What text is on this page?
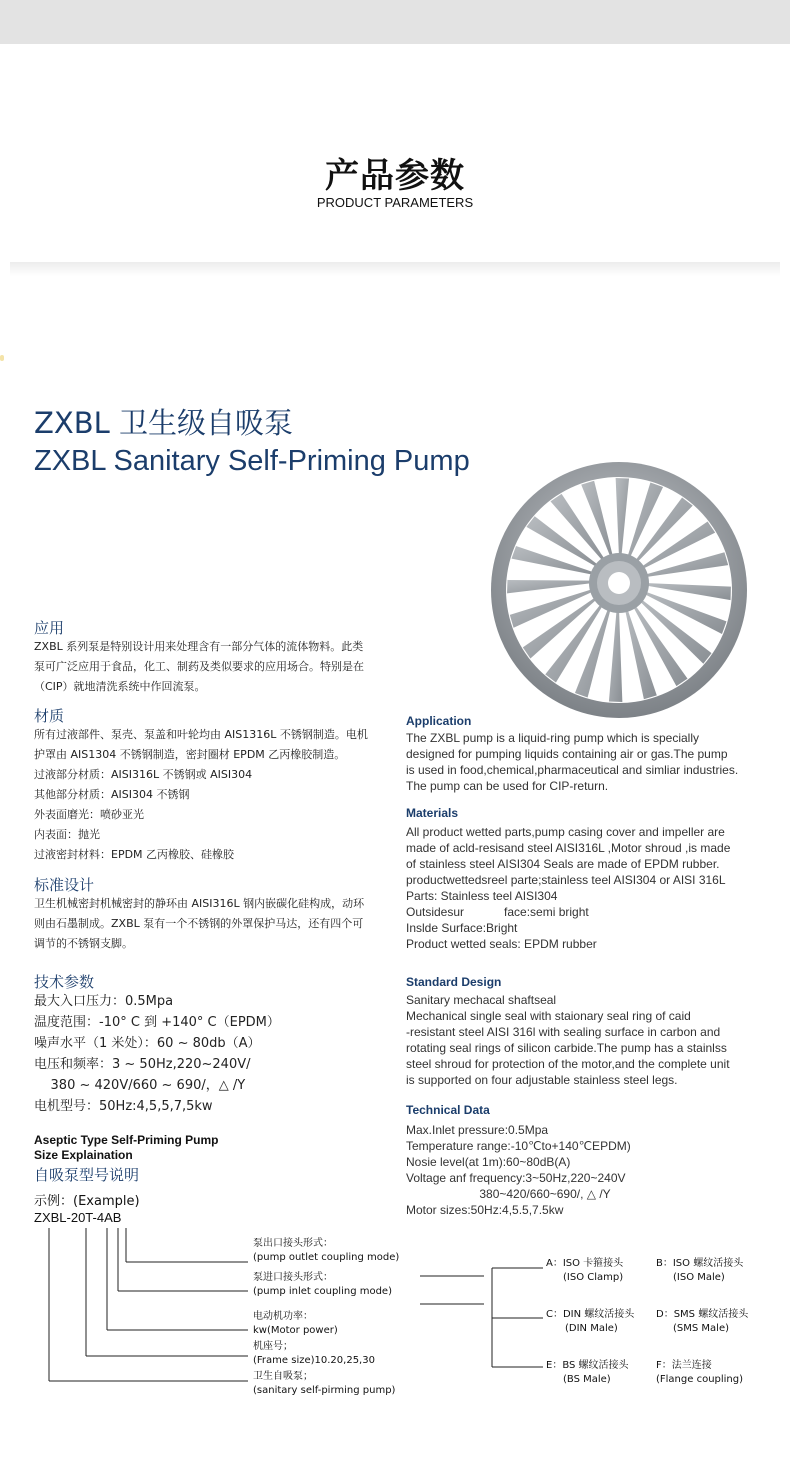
产品参数
PRODUCT PARAMETERS
ZXBL 卫生级自吸泵
ZXBL Sanitary Self-Priming Pump
应用
ZXBL 系列泵是特别设计用来处理含有一部分气体的流体物料。此类
泵可广泛应用于食品，化工、制药及类似要求的应用场合。特别是在
（CIP）就地清洗系统中作回流泵。
材质
所有过液部件、泵壳、泵盖和叶轮均由 AIS1316L 不锈钢制造。电机
护罩由 AIS1304 不锈钢制造，密封圈材 EPDM 乙丙橡胶制造。
过液部分材质：AISI316L 不锈钢或 AISI304
其他部分材质：AISI304 不锈钢
外表面磨光：喷砂亚光
内表面：抛光
过液密封材料：EPDM 乙丙橡胶、硅橡胶
标准设计
卫生机械密封机械密封的静环由 AISI316L 钢内嵌碳化硅构成，动环
则由石墨制成。ZXBL 泵有一个不锈钢的外罩保护马达，还有四个可
调节的不锈钢支脚。
技术参数
最大入口压力：0.5Mpa
温度范围：-10° C 到 +140° C（EPDM）
噪声水平（1 米处）：60 ~ 80db（A）
电压和频率：3 ~ 50Hz,220~240V/
380 ~ 420V/660 ~ 690/，△ /Y
电机型号：50Hz:4,5,5,7,5kw
Application
The ZXBL pump is a liquid-ring pump which is specially
designed for pumping liquids containing air or gas.The pump
is used in food,chemical,pharmaceutical and simliar industries.
The pump can be used for CIP-return.
Materials
All product wetted parts,pump casing cover and impeller are
made of acld-resisand steel AISI316L ,Motor shroud ,is made
of stainless steel AISI304 Seals are made of EPDM rubber.
productwettedsreel parte;stainless teel AISI304 or AISI 316L
Parts: Stainless teel AISI304
Outsidesur            face:semi bright
Inslde Surface:Bright
Product wetted seals: EPDM rubber
Standard Design
Sanitary mechacal shaftseal
Mechanical single seal with staionary seal ring of caid
-resistant steel AISI 316l with sealing surface in carbon and
rotating seal rings of silicon carbide.The pump has a stainlss
steel shroud for protection of the motor,and the complete unit
is supported on four adjustable stainless steel legs.
Technical Data
Max.Inlet pressure:0.5Mpa
Temperature range:-10℃to+140℃EPDM)
Nosie level(at 1m):60~80dB(A)
Voltage anf frequency:3~50Hz,220~240V
380~420/660~690/, △ /Y
Motor sizes:50Hz:4,5.5,7.5kw
Aseptic Type Self-Priming Pump
Size Explaination
自吸泵型号说明
示例：(Example)
ZXBL-20T-4AB
泵出口接头形式：
(pump outlet coupling mode)
泵进口接头形式：
(pump inlet coupling mode)
电动机功率：
kw(Motor power)
机座号；
(Frame size)10.20,25,30
卫生自吸泵；
(sanitary self-pirming pump)
A：ISO 卡箍接头
(ISO Clamp)
B：ISO 螺纹活接头
(ISO Male)
C：DIN 螺纹活接头
(DIN Male)
D：SMS 螺纹活接头
(SMS Male)
E：BS 螺纹活接头
(BS Male)
F：法兰连接
(Flange coupling)
